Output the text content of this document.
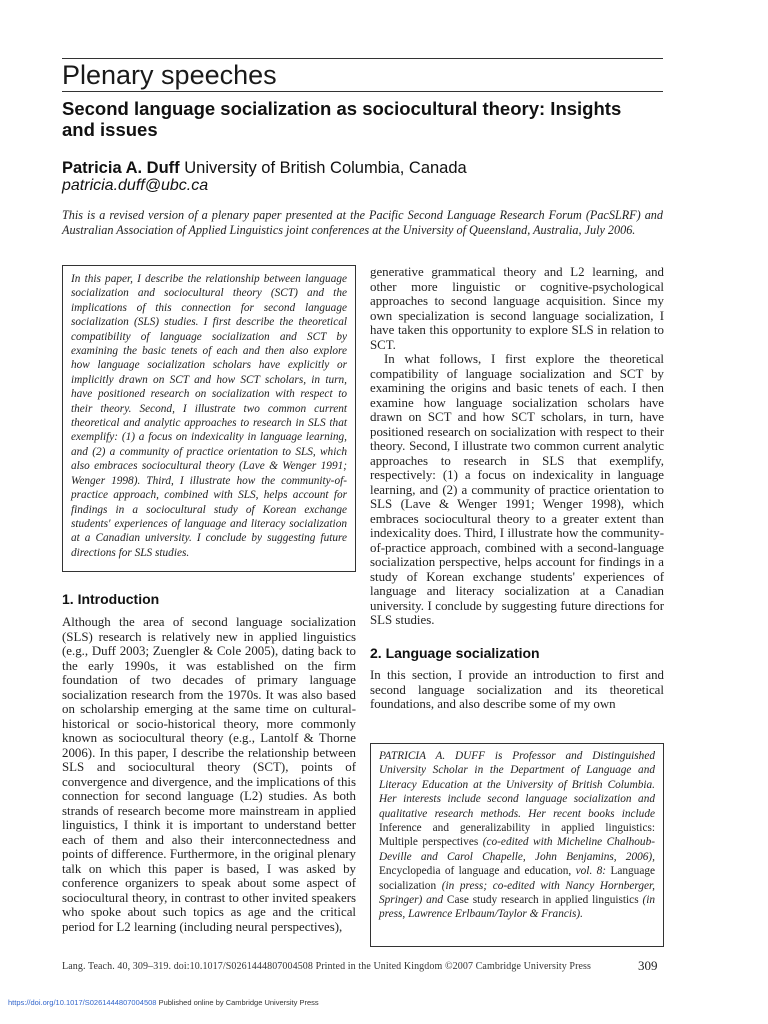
Plenary speeches
Second language socialization as sociocultural theory: Insights and issues
Patricia A. Duff University of British Columbia, Canada
patricia.duff@ubc.ca
This is a revised version of a plenary paper presented at the Pacific Second Language Research Forum (PacSLRF) and Australian Association of Applied Linguistics joint conferences at the University of Queensland, Australia, July 2006.
In this paper, I describe the relationship between language socialization and sociocultural theory (SCT) and the implications of this connection for second language socialization (SLS) studies. I first describe the theoretical compatibility of language socialization and SCT by examining the basic tenets of each and then also explore how language socialization scholars have explicitly or implicitly drawn on SCT and how SCT scholars, in turn, have positioned research on socialization with respect to their theory. Second, I illustrate two common current theoretical and analytic approaches to research in SLS that exemplify: (1) a focus on indexicality in language learning, and (2) a community of practice orientation to SLS, which also embraces sociocultural theory (Lave & Wenger 1991; Wenger 1998). Third, I illustrate how the community-of-practice approach, combined with SLS, helps account for findings in a sociocultural study of Korean exchange students' experiences of language and literacy socialization at a Canadian university. I conclude by suggesting future directions for SLS studies.
1. Introduction

Although the area of second language socialization (SLS) research is relatively new in applied linguistics (e.g., Duff 2003; Zuengler & Cole 2005), dating back to the early 1990s, it was established on the firm foundation of two decades of primary language socialization research from the 1970s. It was also based on scholarship emerging at the same time on cultural-historical or socio-historical theory, more commonly known as sociocultural theory (e.g., Lantolf & Thorne 2006). In this paper, I describe the relationship between SLS and sociocultural theory (SCT), points of convergence and divergence, and the implications of this connection for second language (L2) studies. As both strands of research become more mainstream in applied linguistics, I think it is important to understand better each of them and also their interconnectedness and points of difference. Furthermore, in the original plenary talk on which this paper is based, I was asked by conference organizers to speak about some aspect of sociocultural theory, in contrast to other invited speakers who spoke about such topics as age and the critical period for L2 learning (including neural perspectives),

generative grammatical theory and L2 learning, and other more linguistic or cognitive-psychological approaches to second language acquisition. Since my own specialization is second language socialization, I have taken this opportunity to explore SLS in relation to SCT.

In what follows, I first explore the theoretical compatibility of language socialization and SCT by examining the origins and basic tenets of each. I then examine how language socialization scholars have drawn on SCT and how SCT scholars, in turn, have positioned research on socialization with respect to their theory. Second, I illustrate two common current analytic approaches to research in SLS that exemplify, respectively: (1) a focus on indexicality in language learning, and (2) a community of practice orientation to SLS (Lave & Wenger 1991; Wenger 1998), which embraces sociocultural theory to a greater extent than indexicality does. Third, I illustrate how the community-of-practice approach, combined with a second-language socialization perspective, helps account for findings in a study of Korean exchange students' experiences of language and literacy socialization at a Canadian university. I conclude by suggesting future directions for SLS studies.

2. Language socialization

In this section, I provide an introduction to first and second language socialization and its theoretical foundations, and also describe some of my own

PATRICIA A. DUFF is Professor and Distinguished University Scholar in the Department of Language and Literacy Education at the University of British Columbia. Her interests include second language socialization and qualitative research methods. Her recent books include Inference and generalizability in applied linguistics: Multiple perspectives (co-edited with Micheline Chalhoub-Deville and Carol Chapelle, John Benjamins, 2006), Encyclopedia of language and education, vol. 8: Language socialization (in press; co-edited with Nancy Hornberger, Springer) and Case study research in applied linguistics (in press, Lawrence Erlbaum/Taylor & Francis).
Lang. Teach. 40, 309–319. doi:10.1017/S0261444807004508 Printed in the United Kingdom ©2007 Cambridge University Press	309
https://doi.org/10.1017/S0261444807004508 Published online by Cambridge University Press
